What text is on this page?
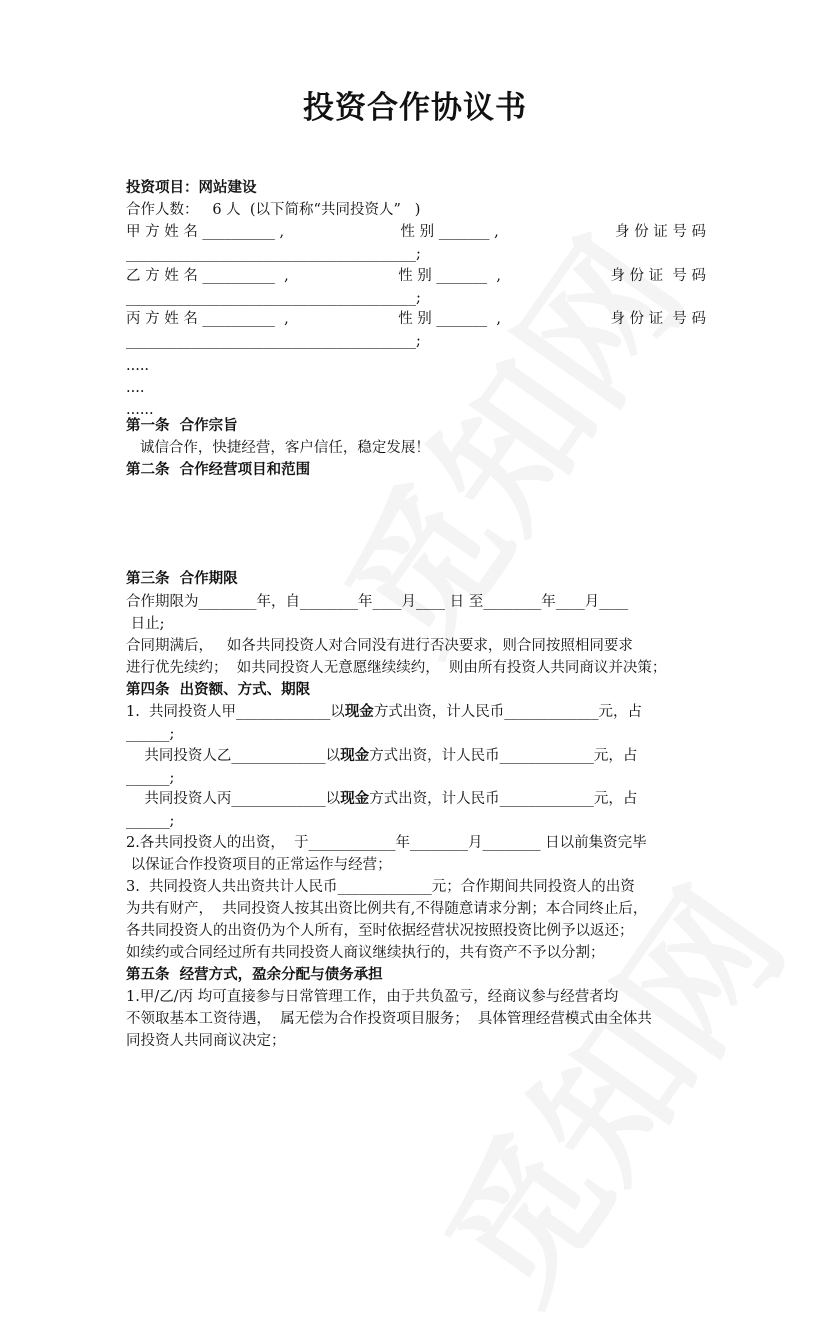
投资合作协议书
投资项目：网站建设
合作人数：   6 人  (以下简称“共同投资人”   )
甲 方 姓 名 __________ ,	性 别 _______ ,	身 份 证 号 码
________________________________________;
乙 方 姓 名 __________  ,	性 别 _______  ,	身 份 证  号 码
________________________________________;
丙 方 姓 名 __________  ,	性 别 _______  ,	身 份 证  号 码
________________________________________;
.....
....
......
第一条  合作宗旨
诚信合作，快捷经营，客户信任，稳定发展！
第二条  合作经营项目和范围
第三条  合作期限
合作期限为________年，自________年____月____ 日 至________年____月____
日止;
合同期满后，   如各共同投资人对合同没有进行否决要求，则合同按照相同要求
进行优先续约；  如共同投资人无意愿继续续约，  则由所有投资人共同商议并决策；
第四条  出资额、方式、期限
1.  共同投资人甲_____________以现金方式出资，计人民币_____________元，占
______;
共同投资人乙_____________以现金方式出资，计人民币_____________元，占
______;
共同投资人丙_____________以现金方式出资，计人民币_____________元，占
______;
2.各共同投资人的出资，  于____________年________月________ 日以前集资完毕
以保证合作投资项目的正常运作与经营；
3.  共同投资人共出资共计人民币_____________元；合作期间共同投资人的出资
为共有财产，  共同投资人按其出资比例共有,不得随意请求分割；本合同终止后，
各共同投资人的出资仍为个人所有，至时依据经营状况按照投资比例予以返还；
如续约或合同经过所有共同投资人商议继续执行的，共有资产不予以分割；
第五条  经营方式，盈余分配与债务承担
1.甲/乙/丙 均可直接参与日常管理工作，由于共负盈亏，经商议参与经营者均
不领取基本工资待遇，  属无偿为合作投资项目服务；  具体管理经营模式由全体共
同投资人共同商议决定；
